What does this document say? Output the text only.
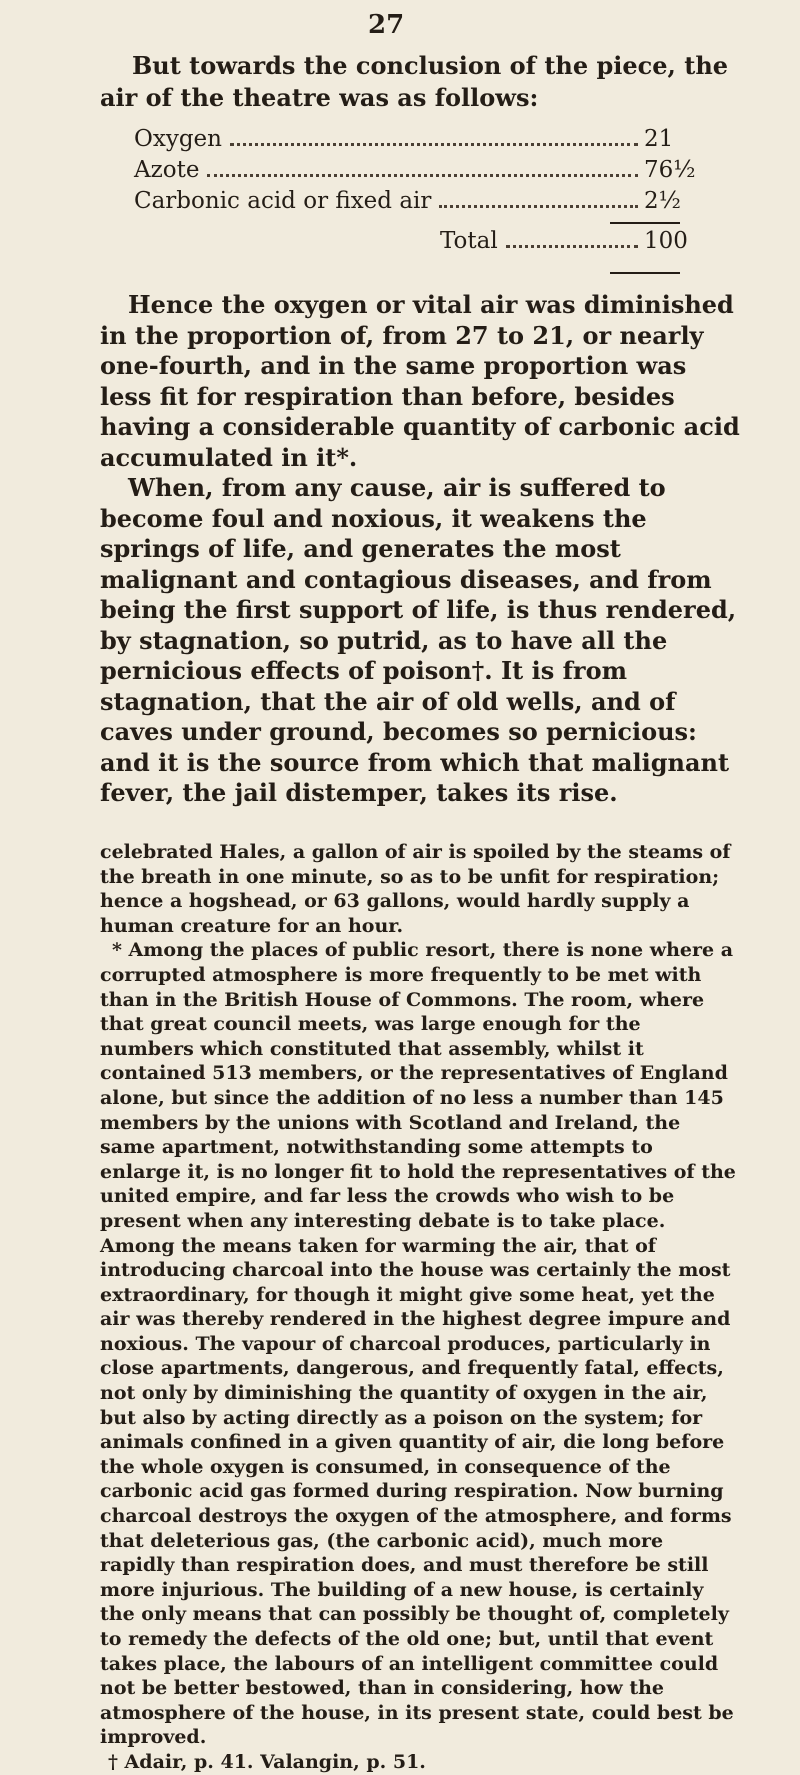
27
But towards the conclusion of the piece, the air of the theatre was as follows:
Oxygen	21
Azote	76½
Carbonic acid or fixed air	2½
Total	100

Hence the oxygen or vital air was diminished in the proportion of, from 27 to 21, or nearly one-fourth, and in the same proportion was less fit for respiration than before, besides having a considerable quantity of carbonic acid accumulated in it*.

When, from any cause, air is suffered to become foul and noxious, it weakens the springs of life, and generates the most malignant and contagious diseases, and from being the first support of life, is thus rendered, by stagnation, so putrid, as to have all the pernicious effects of poison†. It is from stagnation, that the air of old wells, and of caves under ground, becomes so pernicious: and it is the source from which that malignant fever, the jail distemper, takes its rise.

celebrated Hales, a gallon of air is spoiled by the steams of the breath in one minute, so as to be unfit for respiration; hence a hogshead, or 63 gallons, would hardly supply a human creature for an hour.

* Among the places of public resort, there is none where a corrupted atmosphere is more frequently to be met with than in the British House of Commons. The room, where that great council meets, was large enough for the numbers which constituted that assembly, whilst it contained 513 members, or the representatives of England alone, but since the addition of no less a number than 145 members by the unions with Scotland and Ireland, the same apartment, notwithstanding some attempts to enlarge it, is no longer fit to hold the representatives of the united empire, and far less the crowds who wish to be present when any interesting debate is to take place. Among the means taken for warming the air, that of introducing charcoal into the house was certainly the most extraordinary, for though it might give some heat, yet the air was thereby rendered in the highest degree impure and noxious. The vapour of charcoal produces, particularly in close apartments, dangerous, and frequently fatal, effects, not only by diminishing the quantity of oxygen in the air, but also by acting directly as a poison on the system; for animals confined in a given quantity of air, die long before the whole oxygen is consumed, in consequence of the carbonic acid gas formed during respiration. Now burning charcoal destroys the oxygen of the atmosphere, and forms that deleterious gas, (the carbonic acid), much more rapidly than respiration does, and must therefore be still more injurious. The building of a new house, is certainly the only means that can possibly be thought of, completely to remedy the defects of the old one; but, until that event takes place, the labours of an intelligent committee could not be better bestowed, than in considering, how the atmosphere of the house, in its present state, could best be improved.

† Adair, p. 41. Valangin, p. 51.
